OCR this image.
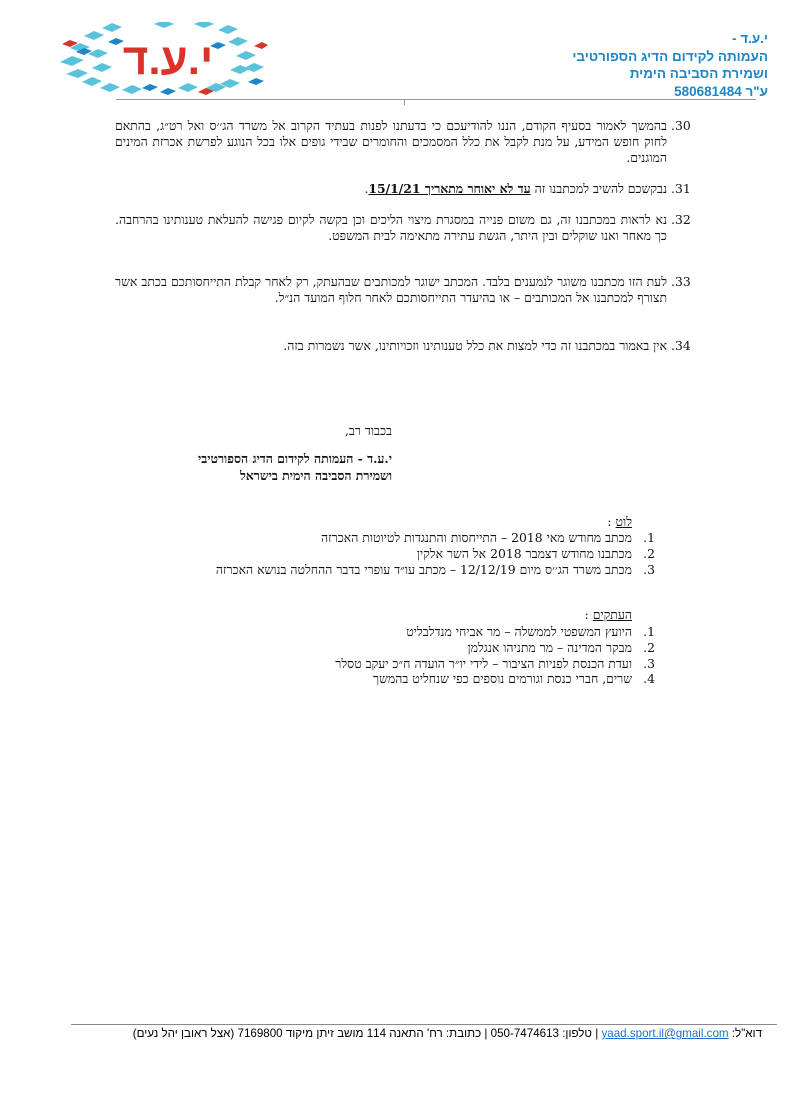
י.ע.ד -
העמותה לקידום הדיג הספורטיבי
ושמירת הסביבה הימית
ע"ר 580681484
י.ע.ד
.30
בהמשך לאמור בסעיף הקודם, הננו להודיעכם כי בדעתנו לפנות בעתיד הקרוב אל משרד הג׳׳ס ואל רט״ג, בהתאם לחוק חופש המידע, על מנת לקבל את כלל המסמכים והחומרים שבידי גופים אלו בכל הנוגע לפרשת אכרזת המינים המוגנים.
.31
נבקשכם להשיב למכתבנו זה עד לא יאוחר מתאריך 15/1/21.
.32
נא לראות במכתבנו זה, גם משום פנייה במסגרת מיצוי הליכים וכן בקשה לקיום פגישה להעלאת טענותינו בהרחבה. כך מאחר ואנו שוקלים ובין היתר, הגשת עתירה מתאימה לבית המשפט.
.33
לעת הזו מכתבנו משוגר לנמענים בלבד. המכתב ישוגר למכותבים שבהעתק, רק לאחר קבלת התייחסותכם בכתב אשר תצורף למכתבנו אל המכותבים – או בהיעדר התייחסותכם לאחר חלוף המועד הנ״ל.
.34
אין באמור במכתבנו זה כדי למצות את כלל טענותינו וזכויותינו, אשר נשמרות בזה.
בכבוד רב,
י.ע.ד - העמותה לקידום הדיג הספורטיבי
ושמירת הסביבה הימית בישראל
לוט :
.1
מכתב מחודש מאי 2018 – התייחסות והתנגדות לטיוטות האכרזה
.2
מכתבנו מחודש דצמבר 2018 אל השר אלקין
.3
מכתב משרד הג׳׳ס מיום 12/12/19 – מכתב עו״ד עופרי בדבר ההחלטה בנושא האכרזה
העתקים :
.1
היועץ המשפטי לממשלה – מר אביחי מנדלבליט
.2
מבקר המדינה – מר מתניהו אנגלמן
.3
ועדת הכנסת לפניות הציבור – לידי יו״ר הועדה ח״כ יעקב טסלר
.4
שרים, חברי כנסת וגורמים נוספים כפי שנחליט בהמשך
דוא"ל: yaad.sport.il@gmail.com | טלפון: 050-7474613 | כתובת: רח' התאנה 114 מושב זיתן מיקוד 7169800 (אצל ראובן יהל נעים)
